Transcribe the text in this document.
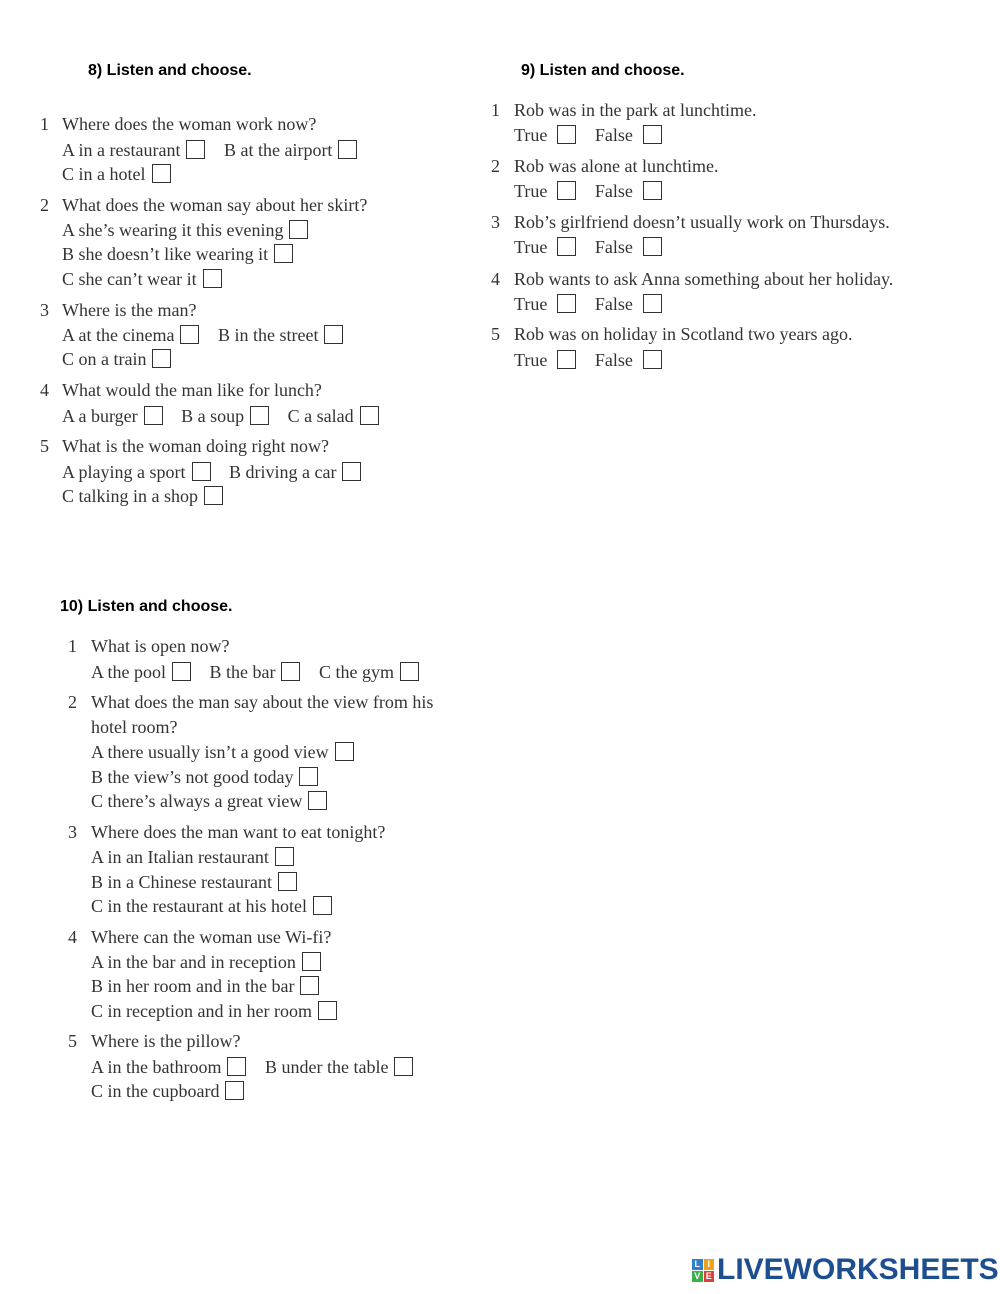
8) Listen and choose.
1 Where does the woman work now?
A in a restaurant B at the airport
C in a hotel
2 What does the woman say about her skirt?
A she’s wearing it this evening
B she doesn’t like wearing it
C she can’t wear it
3 Where is the man?
A at the cinema B in the street
C on a train
4 What would the man like for lunch?
A a burger B a soup C a salad
5 What is the woman doing right now?
A playing a sport B driving a car
C talking in a shop
9) Listen and choose.
1 Rob was in the park at lunchtime.
True	False
2 Rob was alone at lunchtime.
True	False
3 Rob’s girlfriend doesn’t usually work on Thursdays.
True	False
4 Rob wants to ask Anna something about her holiday.
True	False
5 Rob was on holiday in Scotland two years ago.
True	False
10) Listen and choose.
1 What is open now?
A the pool B the bar C the gym
2 What does the man say about the view from his
hotel room?
A there usually isn’t a good view
B the view’s not good today
C there’s always a great view
3 Where does the man want to eat tonight?
A in an Italian restaurant
B in a Chinese restaurant
C in the restaurant at his hotel
4 Where can the woman use Wi-fi?
A in the bar and in reception
B in her room and in the bar
C in reception and in her room
5 Where is the pillow?
A in the bathroom B under the table
C in the cupboard
L I
V E LIVEWORKSHEETS
